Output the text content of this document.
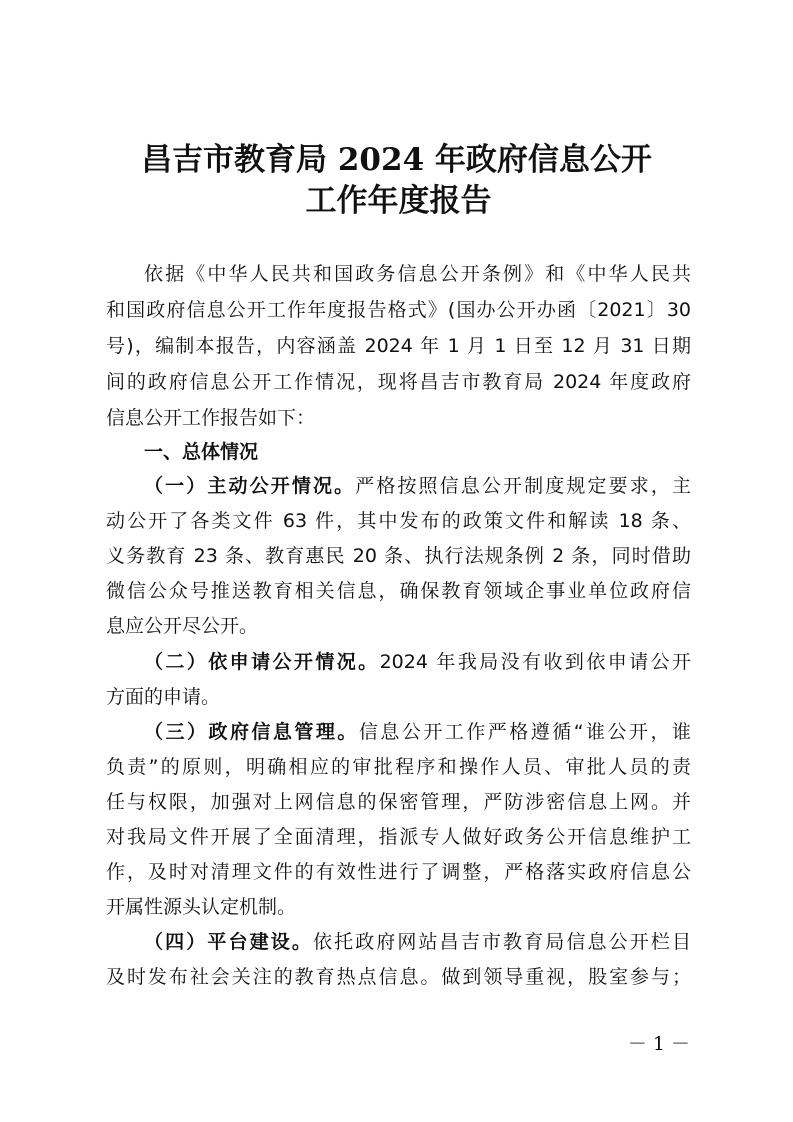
昌吉市教育局 2024 年政府信息公开
工作年度报告
依据《中华人民共和国政务信息公开条例》和《中华人民共
和国政府信息公开工作年度报告格式》(国办公开办函〔2021〕30
号)，编制本报告，内容涵盖 2024 年 1 月 1 日至 12 月 31 日期
间的政府信息公开工作情况，现将昌吉市教育局 2024 年度政府
信息公开工作报告如下：
一、总体情况
（一）主动公开情况。严格按照信息公开制度规定要求，主
动公开了各类文件 63 件，其中发布的政策文件和解读 18 条、
义务教育 23 条、教育惠民 20 条、执行法规条例 2 条，同时借助
微信公众号推送教育相关信息，确保教育领域企事业单位政府信
息应公开尽公开。
（二）依申请公开情况。2024 年我局没有收到依申请公开
方面的申请。
（三）政府信息管理。信息公开工作严格遵循“谁公开，谁
负责”的原则，明确相应的审批程序和操作人员、审批人员的责
任与权限，加强对上网信息的保密管理，严防涉密信息上网。并
对我局文件开展了全面清理，指派专人做好政务公开信息维护工
作，及时对清理文件的有效性进行了调整，严格落实政府信息公
开属性源头认定机制。
（四）平台建设。依托政府网站昌吉市教育局信息公开栏目
及时发布社会关注的教育热点信息。做到领导重视，股室参与；
－ 1 －
